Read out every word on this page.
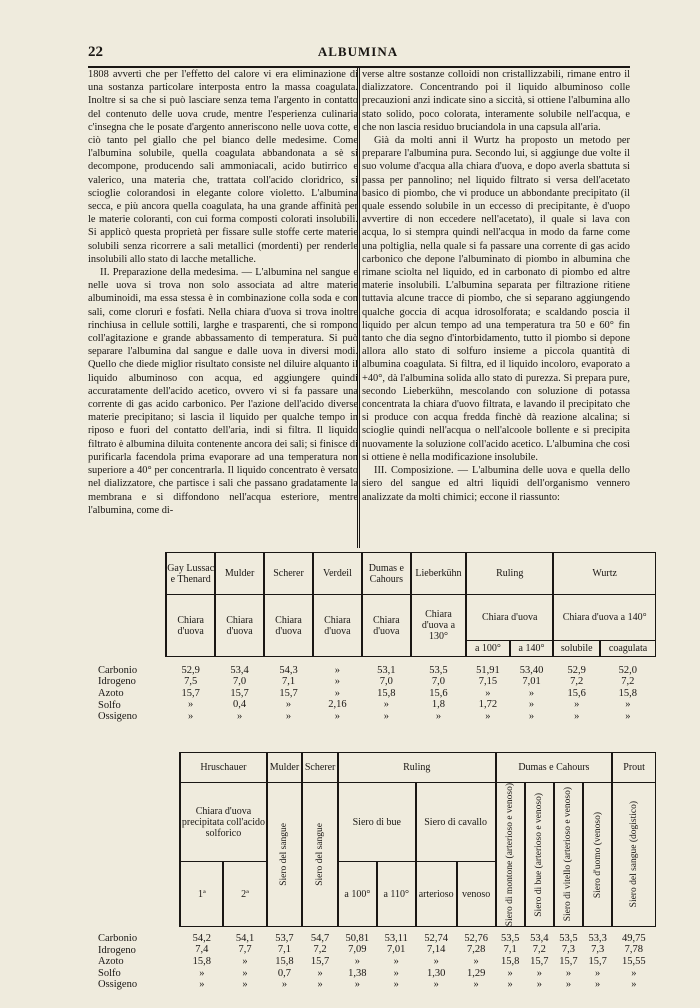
22	ALBUMINA

1808 avvertì che per l'effetto del calore vi era eliminazione di una sostanza particolare interposta entro la massa coagulata. Inoltre si sa che si può lasciare senza tema l'argento in contatto del contenuto delle uova crude, mentre l'esperienza culinaria c'insegna che le posate d'argento anneriscono nelle uova cotte, e ciò tanto pel giallo che pel bianco delle medesime. Come l'albumina solubile, quella coagulata abbandonata a sè si decompone, producendo sali ammoniacali, acido butirrico e valerico, una materia che, trattata coll'acido cloridrico, si scioglie colorandosi in elegante colore violetto. L'albumina secca, e più ancora quella coagulata, ha una grande affinità per le materie coloranti, con cui forma composti colorati insolubili. Si applicò questa proprietà per fissare sulle stoffe certe materie solubili senza ricorrere a sali metallici (mordenti) per renderle insolubili allo stato di lacche metalliche.

II. Preparazione della medesima. — L'albumina nel sangue e nelle uova si trova non solo associata ad altre materie albuminoidi, ma essa stessa è in combinazione colla soda e con sali, come clorurì e fosfati. Nella chiara d'uova si trova inoltre rinchiusa in cellule sottili, larghe e trasparenti, che si rompono coll'agitazione e grande abbassamento di temperatura. Si può separare l'albumina dal sangue e dalle uova in diversi modi. Quello che diede miglior risultato consiste nel diluire alquanto il liquido albuminoso con acqua, ed aggiungere quindi accuratamente dell'acido acetico, ovvero vi si fa passare una corrente di gas acido carbonico. Per l'azione dell'acido diverse materie precipitano; si lascia il liquido per qualche tempo in riposo e fuori del contatto dell'aria, indi si filtra. Il liquido filtrato è albumina diluita contenente ancora dei sali; si finisce di purificarla facendola prima evaporare ad una temperatura non superiore a 40° per concentrarla. Il liquido concentrato è versato nel dializzatore, che partisce i sali che passano gradatamente la membrana e si diffondono nell'acqua esteriore, mentre l'albumina, come di-

verse altre sostanze colloidi non cristallizzabili, rimane entro il dializzatore. Concentrando poi il liquido albuminoso colle precauzioni anzi indicate sino a siccità, si ottiene l'albumina allo stato solido, poco colorata, interamente solubile nell'acqua, e che non lascia residuo bruciandola in una capsula all'aria.

Già da molti anni il Wurtz ha proposto un metodo per preparare l'albumina pura. Secondo lui, si aggiunge due volte il suo volume d'acqua alla chiara d'uova, e dopo averla sbattuta si passa per pannolino; nel liquido filtrato si versa dell'acetato basico di piombo, che vi produce un abbondante precipitato (il quale essendo solubile in un eccesso di precipitante, è d'uopo avvertire di non eccedere nell'acetato), il quale si lava con acqua, lo si stempra quindi nell'acqua in modo da farne come una poltiglia, nella quale si fa passare una corrente di gas acido carbonico che depone l'albuminato di piombo in albumina che rimane sciolta nel liquido, ed in carbonato di piombo ed altre materie insolubili. L'albumina separata per filtrazione ritiene tuttavia alcune tracce di piombo, che si separano aggiungendo qualche goccia di acqua idrosolforata; e scaldando poscia il liquido per alcun tempo ad una temperatura tra 50 e 60° fin tanto che dia segno d'intorbidamento, tutto il piombo si depone allora allo stato di solfuro insieme a piccola quantità di albumina coagulata. Si filtra, ed il liquido incoloro, evaporato a +40°, dà l'albumina solida allo stato di purezza. Si prepara pure, secondo Lieberkühn, mescolando con soluzione di potassa concentrata la chiara d'uovo filtrata, e lavando il precipitato che si produce con acqua fredda finchè dà reazione alcalina; si scioglie quindi nell'acqua o nell'alcoole bollente e si precipita nuovamente la soluzione coll'acido acetico. L'albumina che così si ottiene è nella modificazione insolubile.

III. Composizione. — L'albumina delle uova e quella dello siero del sangue ed altri liquidi dell'organismo vennero analizzate da molti chimici; eccone il riassunto:

	Gay Lussac e Thenard	Mulder	Scherer	Verdeil	Dumas e Cahours	Lieberkühn	Ruling		Wurtz	
	Chiara d'uova	Chiara d'uova	Chiara d'uova	Chiara d'uova	Chiara d'uova	Chiara d'uova a 130°	Chiara d'uova		Chiara d'uova a 140°	
							a 100°	a 140°	solubile	coagulata

Carbonio	52,9	53,4	54,3	»	53,1	53,5	51,91	53,40	52,9	52,0
Idrogeno	7,5	7,0	7,1	»	7,0	7,0	7,15	7,01	7,2	7,2
Azoto	15,7	15,7	15,7	»	15,8	15,6	»	»	15,6	15,8
Solfo	»	0,4	»	2,16	»	1,8	1,72	»	»	»
Ossigeno	»	»	»	»	»	»	»	»	»	»
	Hruschauer		Mulder	Scherer	Ruling				Dumas e Cahours				Prout
	Chiara d'uova precipitata coll'acido solforico		Siero del sangue	Siero del sangue	Siero di bue		Siero di cavallo		Siero di montone (arterioso e venoso)	Siero di bue (arterioso e venoso)	Siero di vitello (arterioso e venoso)	Siero d'uomo (venoso)	Siero del sangue (dogistico)

	1ª	2ª			a 100°	a 110°	arterioso	venoso					

Carbonio	54,2	54,1	53,7	54,7	50,81	53,11	52,74	52,76	53,5	53,4	53,5	53,3	49,75
Idrogeno	7,4	7,7	7,1	7,2	7,09	7,01	7,14	7,28	7,1	7,2	7,3	7,3	7,78
Azoto	15,8	»	15,8	15,7	»	»	»	»	15,8	15,7	15,7	15,7	15,55
Solfo	»	»	0,7	»	1,38	»	1,30	1,29	»	»	»	»	»
Ossigeno	»	»	»	»	»	»	»	»	»	»	»	»	»
